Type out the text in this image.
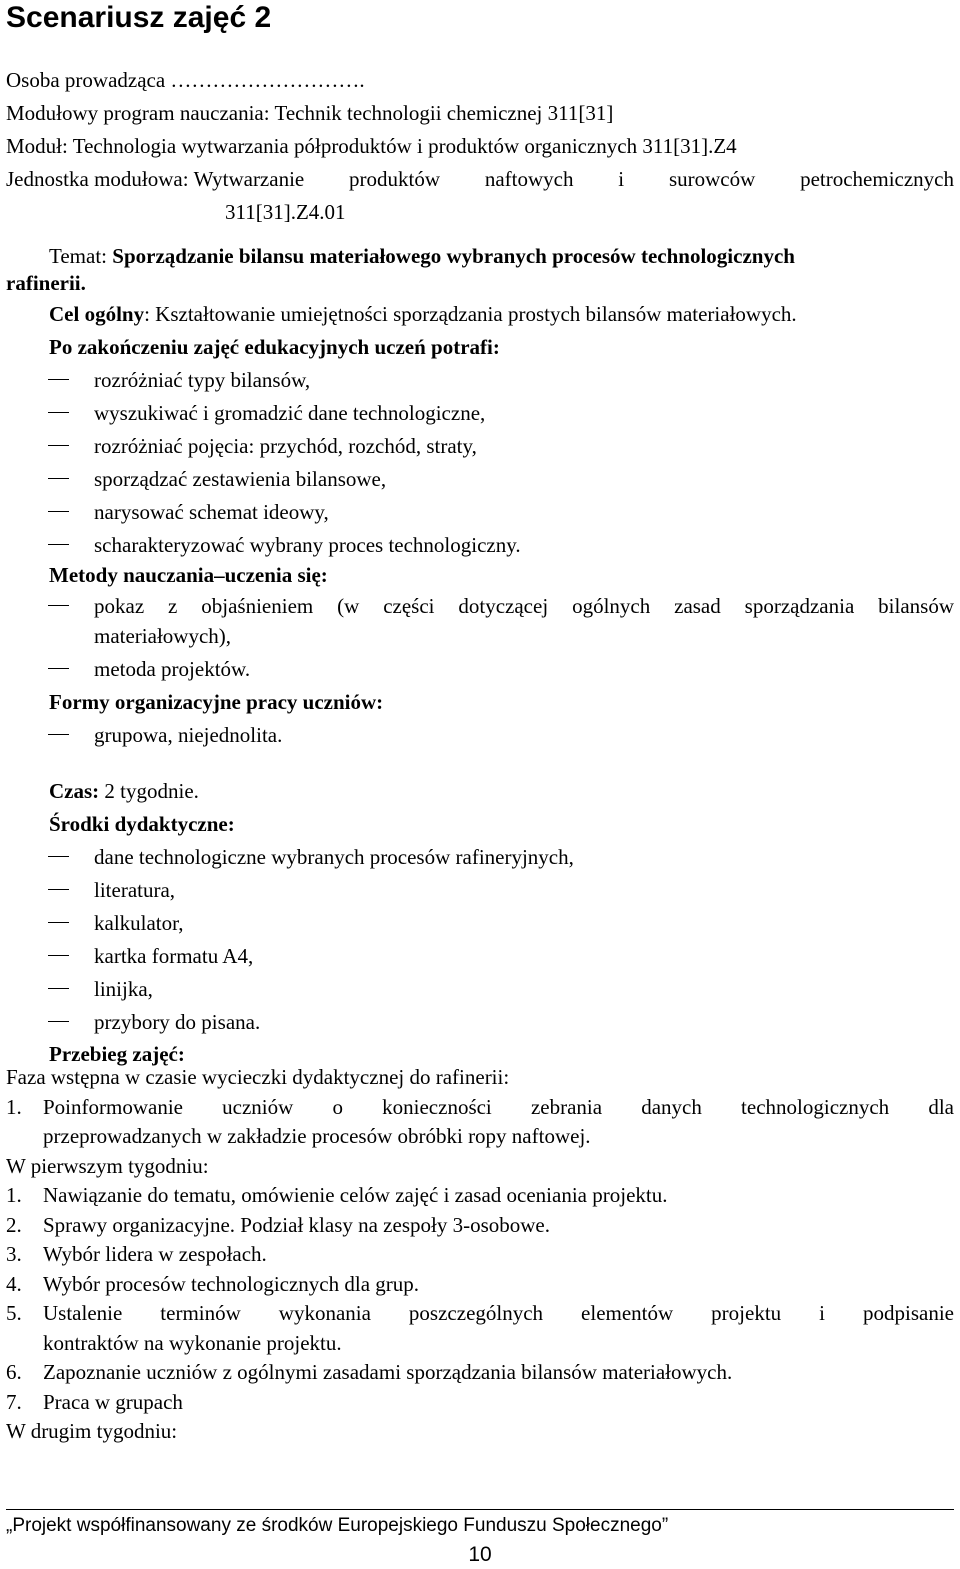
Scenariusz zajęć 2
Osoba prowadząca ……………………….
Modułowy program nauczania: Technik technologii chemicznej 311[31]
Moduł: Technologia wytwarzania półproduktów i produktów organicznych 311[31].Z4
Jednostka modułowa: Wytwarzanie produktów naftowych i surowców petrochemicznych
311[31].Z4.01
Temat: Sporządzanie bilansu materiałowego wybranych procesów technologicznych
rafinerii.
Cel ogólny: Kształtowanie umiejętności sporządzania prostych bilansów materiałowych.
Po zakończeniu zajęć edukacyjnych uczeń potrafi:
rozróżniać typy bilansów,
wyszukiwać i gromadzić dane technologiczne,
rozróżniać pojęcia: przychód, rozchód, straty,
sporządzać zestawienia bilansowe,
narysować schemat ideowy,
scharakteryzować wybrany proces technologiczny.
Metody nauczania–uczenia się:
pokaz z objaśnieniem (w części dotyczącej ogólnych zasad sporządzania bilansów
materiałowych),
metoda projektów.
Formy organizacyjne pracy uczniów:
grupowa, niejednolita.
Czas: 2 tygodnie.
Środki dydaktyczne:
dane technologiczne wybranych procesów rafineryjnych,
literatura,
kalkulator,
kartka formatu A4,
linijka,
przybory do pisana.
Przebieg zajęć:
Faza wstępna w czasie wycieczki dydaktycznej do rafinerii:
1. Poinformowanie uczniów o konieczności zebrania danych technologicznych dla
przeprowadzanych w zakładzie procesów obróbki ropy naftowej.
W pierwszym tygodniu:
1. Nawiązanie do tematu, omówienie celów zajęć i zasad oceniania projektu.
2. Sprawy organizacyjne. Podział klasy na zespoły 3-osobowe.
3. Wybór lidera w zespołach.
4. Wybór procesów technologicznych dla grup.
5. Ustalenie terminów wykonania poszczególnych elementów projektu i podpisanie
kontraktów na wykonanie projektu.
6. Zapoznanie uczniów z ogólnymi zasadami sporządzania bilansów materiałowych.
7. Praca w grupach
W drugim tygodniu:
„Projekt współfinansowany ze środków Europejskiego Funduszu Społecznego”
10
